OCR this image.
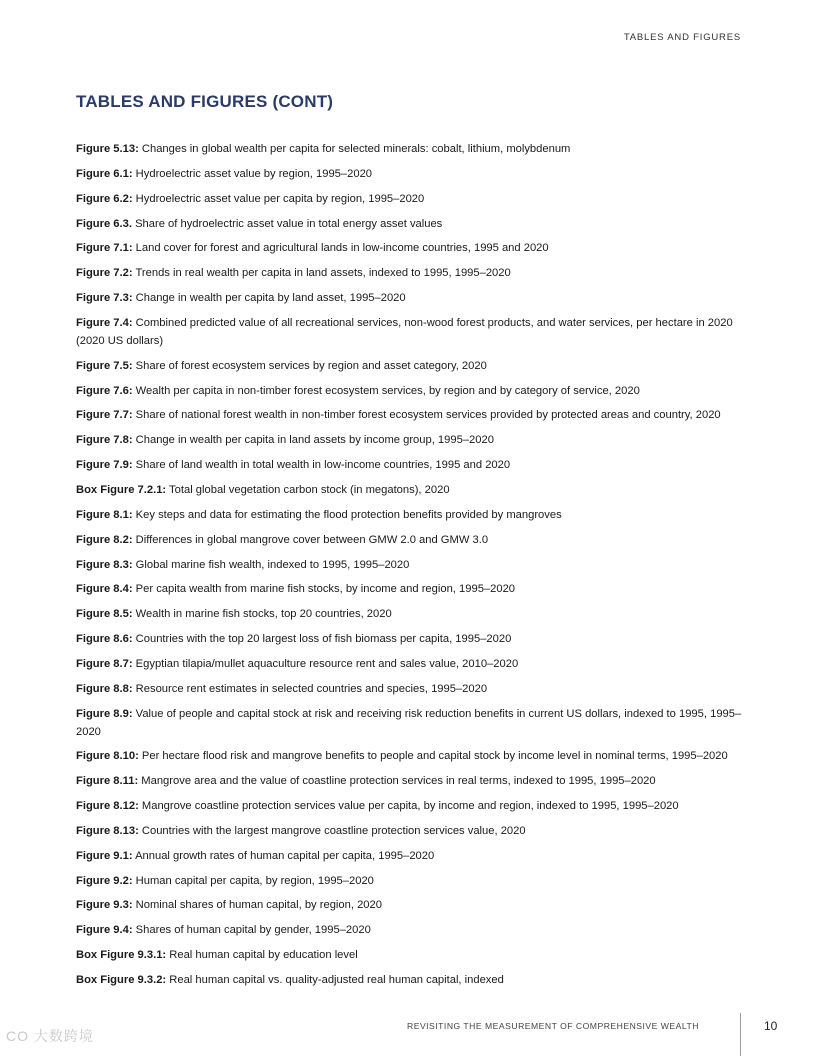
TABLES AND FIGURES
TABLES AND FIGURES (CONT)
Figure 5.13: Changes in global wealth per capita for selected minerals: cobalt, lithium, molybdenum
Figure 6.1: Hydroelectric asset value by region, 1995–2020
Figure 6.2: Hydroelectric asset value per capita by region, 1995–2020
Figure 6.3. Share of hydroelectric asset value in total energy asset values
Figure 7.1: Land cover for forest and agricultural lands in low-income countries, 1995 and 2020
Figure 7.2: Trends in real wealth per capita in land assets, indexed to 1995, 1995–2020
Figure 7.3: Change in wealth per capita by land asset, 1995–2020
Figure 7.4: Combined predicted value of all recreational services, non-wood forest products, and water services, per hectare in 2020 (2020 US dollars)
Figure 7.5: Share of forest ecosystem services by region and asset category, 2020
Figure 7.6: Wealth per capita in non-timber forest ecosystem services, by region and by category of service, 2020
Figure 7.7: Share of national forest wealth in non-timber forest ecosystem services provided by protected areas and country, 2020
Figure 7.8: Change in wealth per capita in land assets by income group, 1995–2020
Figure 7.9: Share of land wealth in total wealth in low-income countries, 1995 and 2020
Box Figure 7.2.1: Total global vegetation carbon stock (in megatons), 2020
Figure 8.1: Key steps and data for estimating the flood protection benefits provided by mangroves
Figure 8.2: Differences in global mangrove cover between GMW 2.0 and GMW 3.0
Figure 8.3: Global marine fish wealth, indexed to 1995, 1995–2020
Figure 8.4: Per capita wealth from marine fish stocks, by income and region, 1995–2020
Figure 8.5: Wealth in marine fish stocks, top 20 countries, 2020
Figure 8.6: Countries with the top 20 largest loss of fish biomass per capita, 1995–2020
Figure 8.7: Egyptian tilapia/mullet aquaculture resource rent and sales value, 2010–2020
Figure 8.8: Resource rent estimates in selected countries and species, 1995–2020
Figure 8.9: Value of people and capital stock at risk and receiving risk reduction benefits in current US dollars, indexed to 1995, 1995–2020
Figure 8.10: Per hectare flood risk and mangrove benefits to people and capital stock by income level in nominal terms, 1995–2020
Figure 8.11: Mangrove area and the value of coastline protection services in real terms, indexed to 1995, 1995–2020
Figure 8.12: Mangrove coastline protection services value per capita, by income and region, indexed to 1995, 1995–2020
Figure 8.13: Countries with the largest mangrove coastline protection services value, 2020
Figure 9.1: Annual growth rates of human capital per capita, 1995–2020
Figure 9.2: Human capital per capita, by region, 1995–2020
Figure 9.3: Nominal shares of human capital, by region, 2020
Figure 9.4: Shares of human capital by gender, 1995–2020
Box Figure 9.3.1: Real human capital by education level
Box Figure 9.3.2: Real human capital vs. quality-adjusted real human capital, indexed
REVISITING THE MEASUREMENT OF COMPREHENSIVE WEALTH	10
CO 大数跨境
